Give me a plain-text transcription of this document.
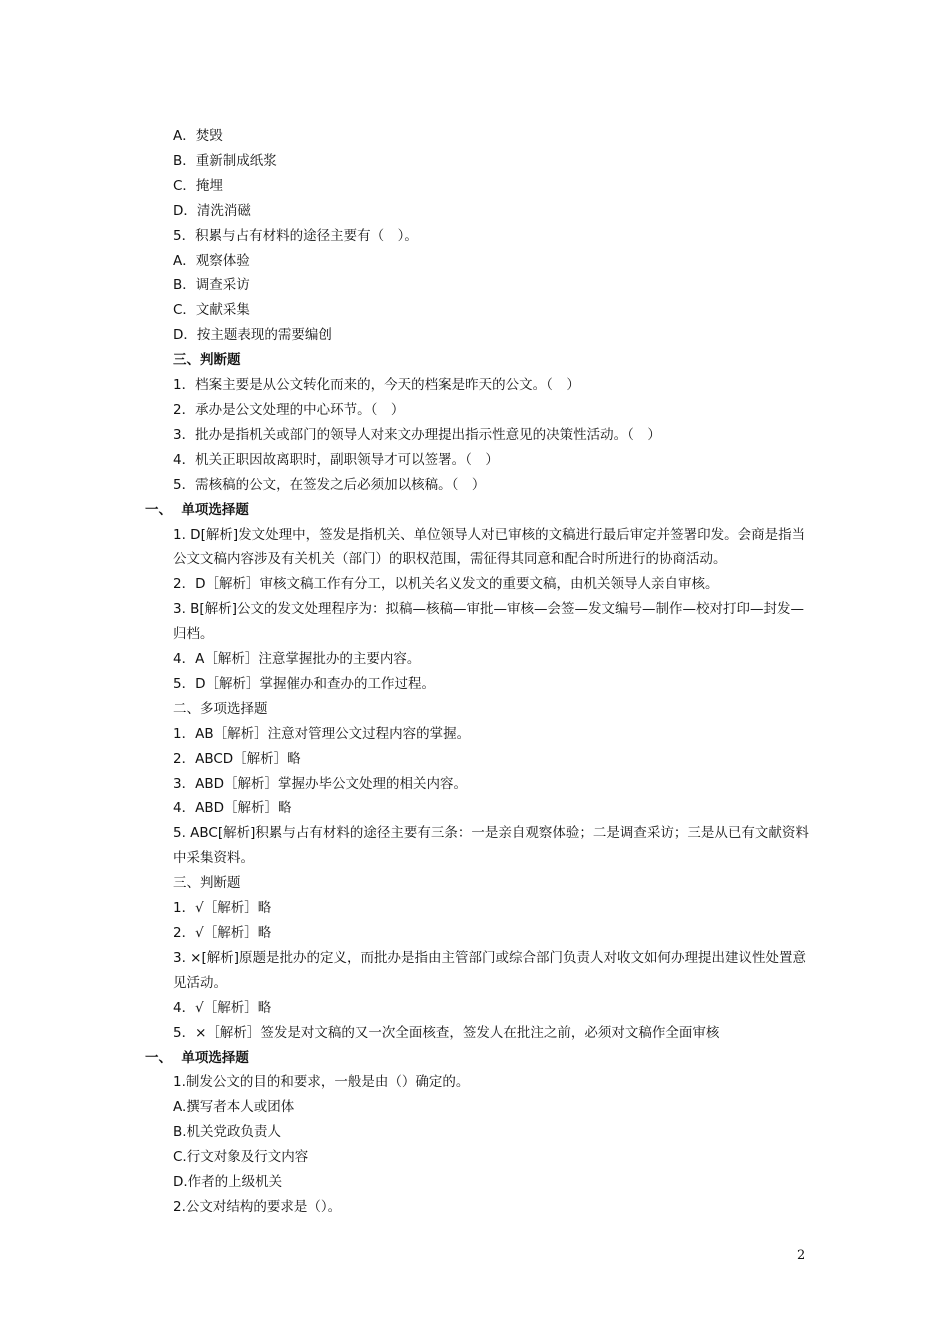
A．焚毁
B．重新制成纸浆
C．掩埋
D．清洗消磁
5．积累与占有材料的途径主要有（　）。
A．观察体验
B．调查采访
C．文献采集
D．按主题表现的需要编创
三、判断题
1．档案主要是从公文转化而来的，今天的档案是昨天的公文。（　）
2．承办是公文处理的中心环节。（　）
3．批办是指机关或部门的领导人对来文办理提出指示性意见的决策性活动。（　）
4．机关正职因故离职时，副职领导才可以签署。（　）
5．需核稿的公文，在签发之后必须加以核稿。（　）
一、  单项选择题
1. D[解析]发文处理中，签发是指机关、单位领导人对已审核的文稿进行最后审定并签署印发。会商是指当公文文稿内容涉及有关机关（部门）的职权范围，需征得其同意和配合时所进行的协商活动。
2．D［解析］审核文稿工作有分工，以机关名义发文的重要文稿，由机关领导人亲自审核。
3. B[解析]公文的发文处理程序为：拟稿—核稿—审批—审核—会签—发文编号—制作—校对打印—封发—归档。
4．A［解析］注意掌握批办的主要内容。
5．D［解析］掌握催办和查办的工作过程。
二、多项选择题
1．AB［解析］注意对管理公文过程内容的掌握。
2．ABCD［解析］略
3．ABD［解析］掌握办毕公文处理的相关内容。
4．ABD［解析］略
5. ABC[解析]积累与占有材料的途径主要有三条：一是亲自观察体验；二是调查采访；三是从已有文献资料中采集资料。
三、判断题
1．√［解析］略
2．√［解析］略
3. ×[解析]原题是批办的定义，而批办是指由主管部门或综合部门负责人对收文如何办理提出建议性处置意见活动。
4．√［解析］略
5．×［解析］签发是对文稿的又一次全面核查，签发人在批注之前，必须对文稿作全面审核
一、  单项选择题
1.制发公文的目的和要求，一般是由（）确定的。
A.撰写者本人或团体
B.机关党政负责人
C.行文对象及行文内容
D.作者的上级机关
2.公文对结构的要求是（）。
2
